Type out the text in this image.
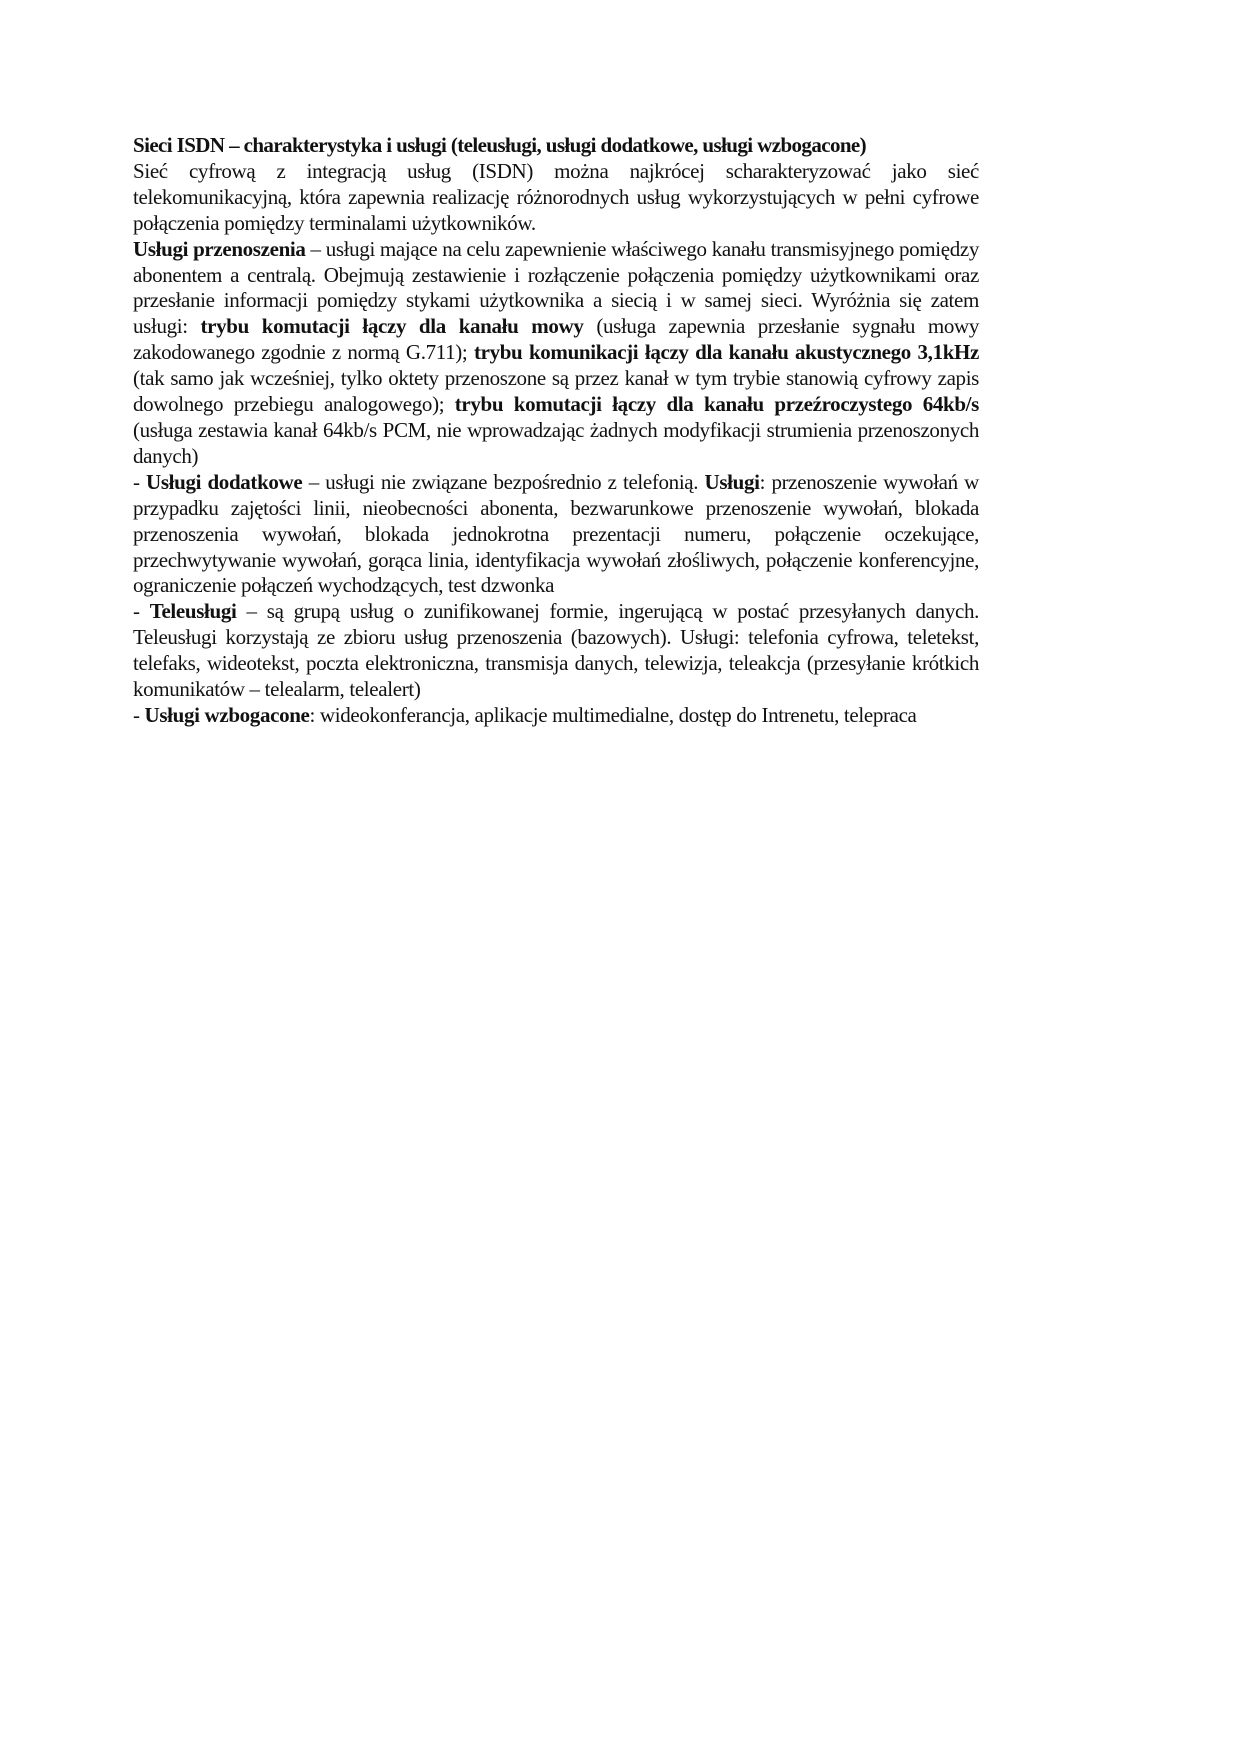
Sieci ISDN – charakterystyka i usługi (teleusługi, usługi dodatkowe, usługi wzbogacone)

Sieć cyfrową z integracją usług (ISDN) można najkrócej scharakteryzować jako sieć telekomunikacyjną, która zapewnia realizację różnorodnych usług wykorzystujących w pełni cyfrowe połączenia pomiędzy terminalami użytkowników.

Usługi przenoszenia – usługi mające na celu zapewnienie właściwego kanału transmisyjnego pomiędzy abonentem a centralą. Obejmują zestawienie i rozłączenie połączenia pomiędzy użytkownikami oraz przesłanie informacji pomiędzy stykami użytkownika a siecią i w samej sieci. Wyróżnia się zatem usługi: trybu komutacji łączy dla kanału mowy (usługa zapewnia przesłanie sygnału mowy zakodowanego zgodnie z normą G.711); trybu komunikacji łączy dla kanału akustycznego 3,1kHz (tak samo jak wcześniej, tylko oktety przenoszone są przez kanał w tym trybie stanowią cyfrowy zapis dowolnego przebiegu analogowego); trybu komutacji łączy dla kanału przeźroczystego 64kb/s (usługa zestawia kanał 64kb/s PCM, nie wprowadzając żadnych modyfikacji strumienia przenoszonych danych)

- Usługi dodatkowe – usługi nie związane bezpośrednio z telefonią. Usługi: przenoszenie wywołań w przypadku zajętości linii, nieobecności abonenta, bezwarunkowe przenoszenie wywołań, blokada przenoszenia wywołań, blokada jednokrotna prezentacji numeru, połączenie oczekujące, przechwytywanie wywołań, gorąca linia, identyfikacja wywołań złośliwych, połączenie konferencyjne, ograniczenie połączeń wychodzących, test dzwonka

- Teleusługi – są grupą usług o zunifikowanej formie, ingerującą w postać przesyłanych danych. Teleusługi korzystają ze zbioru usług przenoszenia (bazowych). Usługi: telefonia cyfrowa, teletekst, telefaks, wideotekst, poczta elektroniczna, transmisja danych, telewizja, teleakcja (przesyłanie krótkich komunikatów – telealarm, telealert)

- Usługi wzbogacone: wideokonferancja, aplikacje multimedialne, dostęp do Intrenetu, telepraca
